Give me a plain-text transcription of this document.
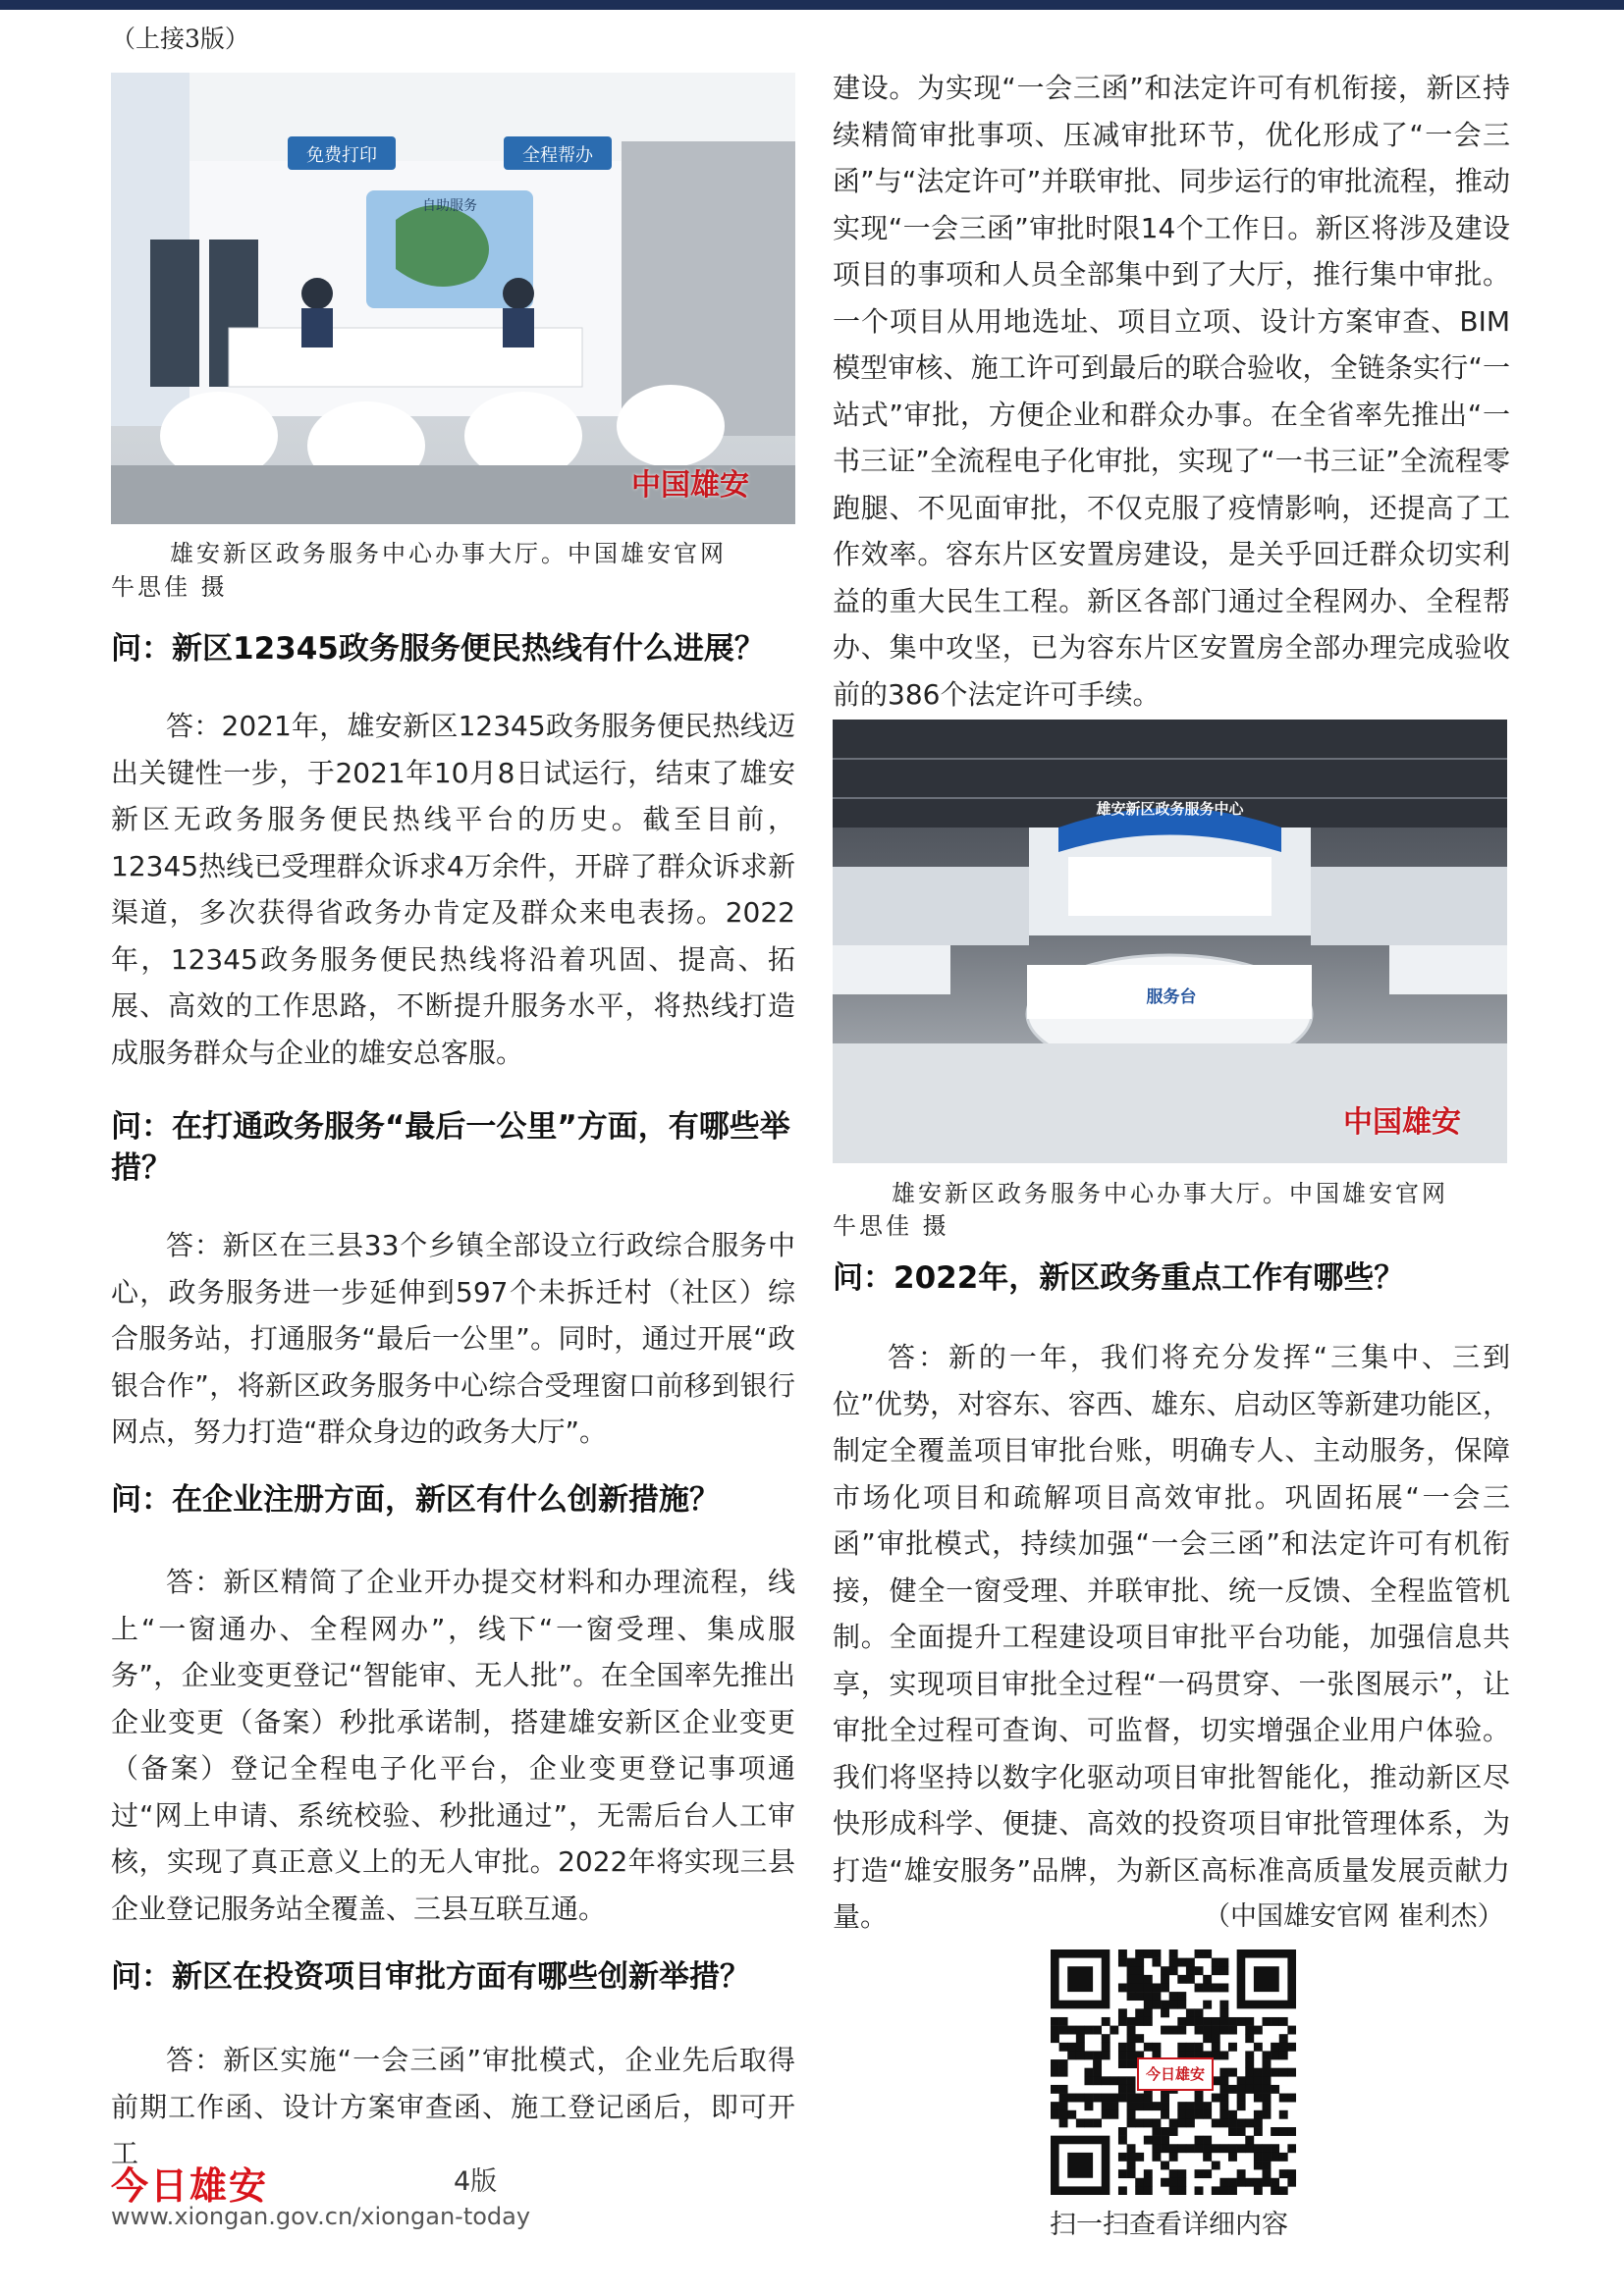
（上接3版）
免费打印	全程帮办
自助服务
中国雄安
雄安新区政务服务中心办事大厅。中国雄安官网
牛思佳 摄
问：新区12345政务服务便民热线有什么进展？
答：2021年，雄安新区12345政务服务便民热线迈出关键性一步，于2021年10月8日试运行，结束了雄安新区无政务服务便民热线平台的历史。截至目前，12345热线已受理群众诉求4万余件，开辟了群众诉求新渠道，多次获得省政务办肯定及群众来电表扬。2022年，12345政务服务便民热线将沿着巩固、提高、拓展、高效的工作思路，不断提升服务水平，将热线打造成服务群众与企业的雄安总客服。
问：在打通政务服务“最后一公里”方面，有哪些举措？
答：新区在三县33个乡镇全部设立行政综合服务中心，政务服务进一步延伸到597个未拆迁村（社区）综合服务站，打通服务“最后一公里”。同时，通过开展“政银合作”，将新区政务服务中心综合受理窗口前移到银行网点，努力打造“群众身边的政务大厅”。
问：在企业注册方面，新区有什么创新措施？
答：新区精简了企业开办提交材料和办理流程，线上“一窗通办、全程网办”，线下“一窗受理、集成服务”，企业变更登记“智能审、无人批”。在全国率先推出企业变更（备案）秒批承诺制，搭建雄安新区企业变更（备案）登记全程电子化平台，企业变更登记事项通过“网上申请、系统校验、秒批通过”，无需后台人工审核，实现了真正意义上的无人审批。2022年将实现三县企业登记服务站全覆盖、三县互联互通。
问：新区在投资项目审批方面有哪些创新举措？
答：新区实施“一会三函”审批模式，企业先后取得前期工作函、设计方案审查函、施工登记函后，即可开工
今日雄安	4版
www.xiongan.gov.cn/xiongan-today
建设。为实现“一会三函”和法定许可有机衔接，新区持续精简审批事项、压减审批环节，优化形成了“一会三函”与“法定许可”并联审批、同步运行的审批流程，推动实现“一会三函”审批时限14个工作日。新区将涉及建设项目的事项和人员全部集中到了大厅，推行集中审批。一个项目从用地选址、项目立项、设计方案审查、BIM模型审核、施工许可到最后的联合验收，全链条实行“一站式”审批，方便企业和群众办事。在全省率先推出“一书三证”全流程电子化审批，实现了“一书三证”全流程零跑腿、不见面审批，不仅克服了疫情影响，还提高了工作效率。容东片区安置房建设，是关乎回迁群众切实利益的重大民生工程。新区各部门通过全程网办、全程帮办、集中攻坚，已为容东片区安置房全部办理完成验收前的386个法定许可手续。
雄安新区政务服务中心
服务台
中国雄安
雄安新区政务服务中心办事大厅。中国雄安官网
牛思佳 摄
问：2022年，新区政务重点工作有哪些？
答：新的一年，我们将充分发挥“三集中、三到位”优势，对容东、容西、雄东、启动区等新建功能区，制定全覆盖项目审批台账，明确专人、主动服务，保障市场化项目和疏解项目高效审批。巩固拓展“一会三函”审批模式，持续加强“一会三函”和法定许可有机衔接，健全一窗受理、并联审批、统一反馈、全程监管机制。全面提升工程建设项目审批平台功能，加强信息共享，实现项目审批全过程“一码贯穿、一张图展示”，让审批全过程可查询、可监督，切实增强企业用户体验。我们将坚持以数字化驱动项目审批智能化，推动新区尽快形成科学、便捷、高效的投资项目审批管理体系，为打造“雄安服务”品牌，为新区高标准高质量发展贡献力量。	（中国雄安官网 崔利杰）
今日雄安
扫一扫查看详细内容
